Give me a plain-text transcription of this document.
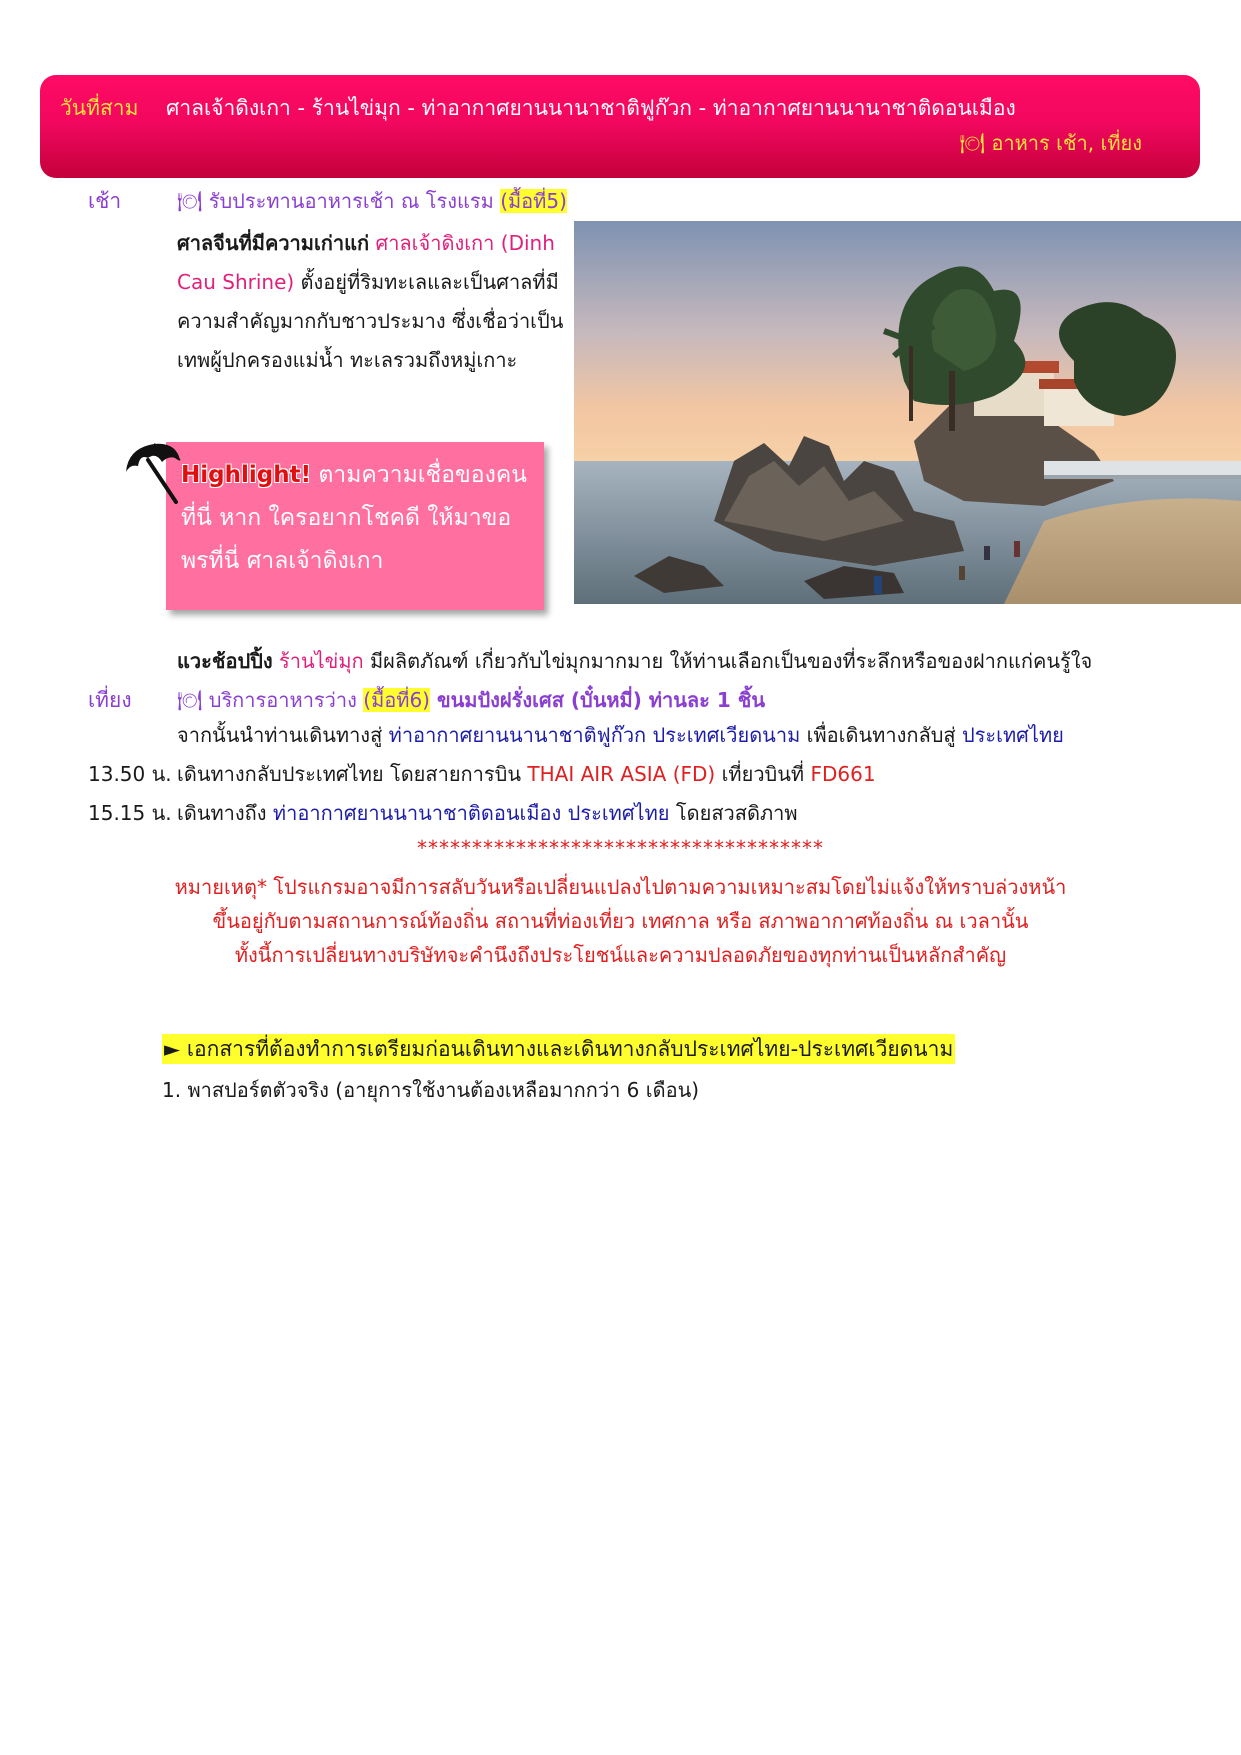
วันที่สาม ศาลเจ้าดิงเกา - ร้านไข่มุก - ท่าอากาศยานนานาชาติฟูก๊วก - ท่าอากาศยานนานาชาติดอนเมือง
🍽 อาหาร เช้า, เที่ยง
เช้า	🍽 รับประทานอาหารเช้า ณ โรงแรม (มื้อที่5)
ศาลจีนที่มีความเก่าแก่ ศาลเจ้าดิงเกา (Dinh Cau Shrine) ตั้งอยู่ที่ริมทะเลและเป็นศาลที่มีความสำคัญมากกับชาวประมาง ซึ่งเชื่อว่าเป็นเทพผู้ปกครองแม่น้ำ ทะเลรวมถึงหมู่เกาะ
Highlight! ตามความเชื่อของคนที่นี่ หาก ใครอยากโชคดี ให้มาขอพรที่นี่ ศาลเจ้าดิงเกา
แวะช้อปปิ้ง ร้านไข่มุก มีผลิตภัณฑ์ เกี่ยวกับไข่มุกมากมาย ให้ท่านเลือกเป็นของที่ระลึกหรือของฝากแก่คนรู้ใจ
เที่ยง 🍽 บริการอาหารว่าง (มื้อที่6) ขนมปังฝรั่งเศส (บั๋นหมี่) ท่านละ 1 ชิ้น
จากนั้นนำท่านเดินทางสู่ ท่าอากาศยานนานาชาติฟูก๊วก ประเทศเวียดนาม เพื่อเดินทางกลับสู่ ประเทศไทย
13.50 น. เดินทางกลับประเทศไทย โดยสายการบิน THAI AIR ASIA (FD) เที่ยวบินที่ FD661
15.15 น. เดินทางถึง ท่าอากาศยานนานาชาติดอนเมือง ประเทศไทย โดยสวสดิภาพ
*************************************
หมายเหตุ* โปรแกรมอาจมีการสลับวันหรือเปลี่ยนแปลงไปตามความเหมาะสมโดยไม่แจ้งให้ทราบล่วงหน้า
ขึ้นอยู่กับตามสถานการณ์ท้องถิ่น สถานที่ท่องเที่ยว เทศกาล หรือ สภาพอากาศท้องถิ่น ณ เวลานั้น
ทั้งนี้การเปลี่ยนทางบริษัทจะคำนึงถึงประโยชน์และความปลอดภัยของทุกท่านเป็นหลักสำคัญ
► เอกสารที่ต้องทำการเตรียมก่อนเดินทางและเดินทางกลับประเทศไทย-ประเทศเวียดนาม
1. พาสปอร์ตตัวจริง (อายุการใช้งานต้องเหลือมากกว่า 6 เดือน)
